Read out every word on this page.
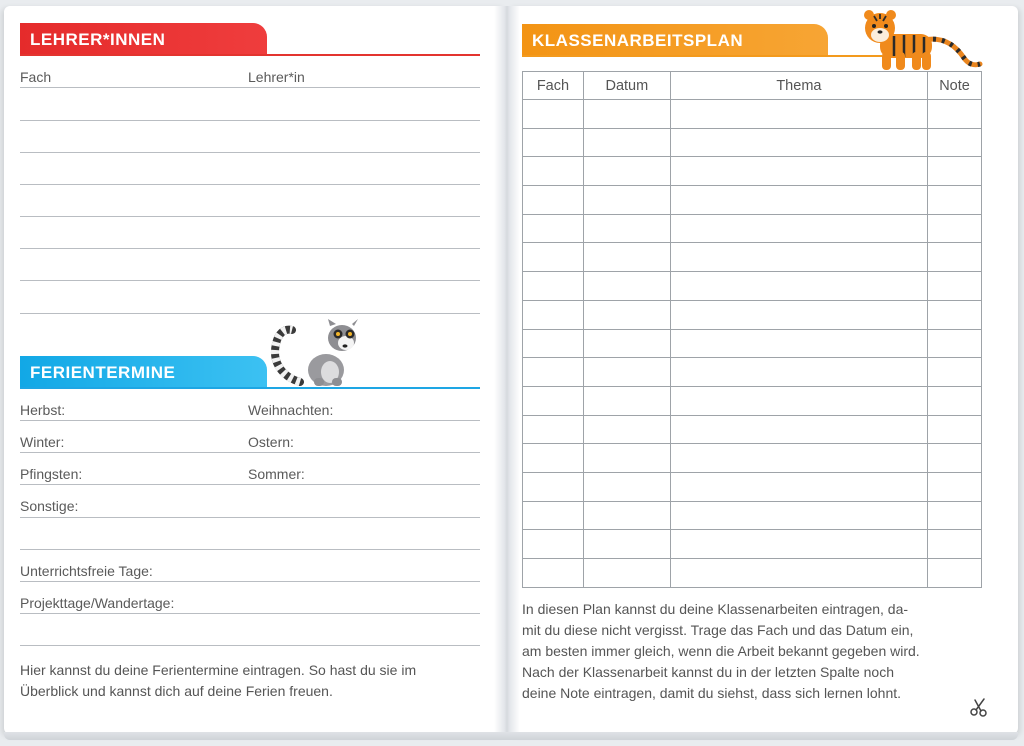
LEHRER*INNEN
Fach	Lehrer*in
FERIENTERMINE
Herbst:	Weihnachten:
Winter:	Ostern:
Pfingsten:	Sommer:
Sonstige:
Unterrichtsfreie Tage:
Projekttage/Wandertage:
Hier kannst du deine Ferientermine eintragen. So hast du sie im
Überblick und kannst dich auf deine Ferien freuen.
KLASSENARBEITSPLAN
Fach	Datum	Thema	Note

In diesen Plan kannst du deine Klassenarbeiten eintragen, da-
mit du diese nicht vergisst. Trage das Fach und das Datum ein,
am besten immer gleich, wenn die Arbeit bekannt gegeben wird.
Nach der Klassenarbeit kannst du in der letzten Spalte noch
deine Note eintragen, damit du siehst, dass sich lernen lohnt.
